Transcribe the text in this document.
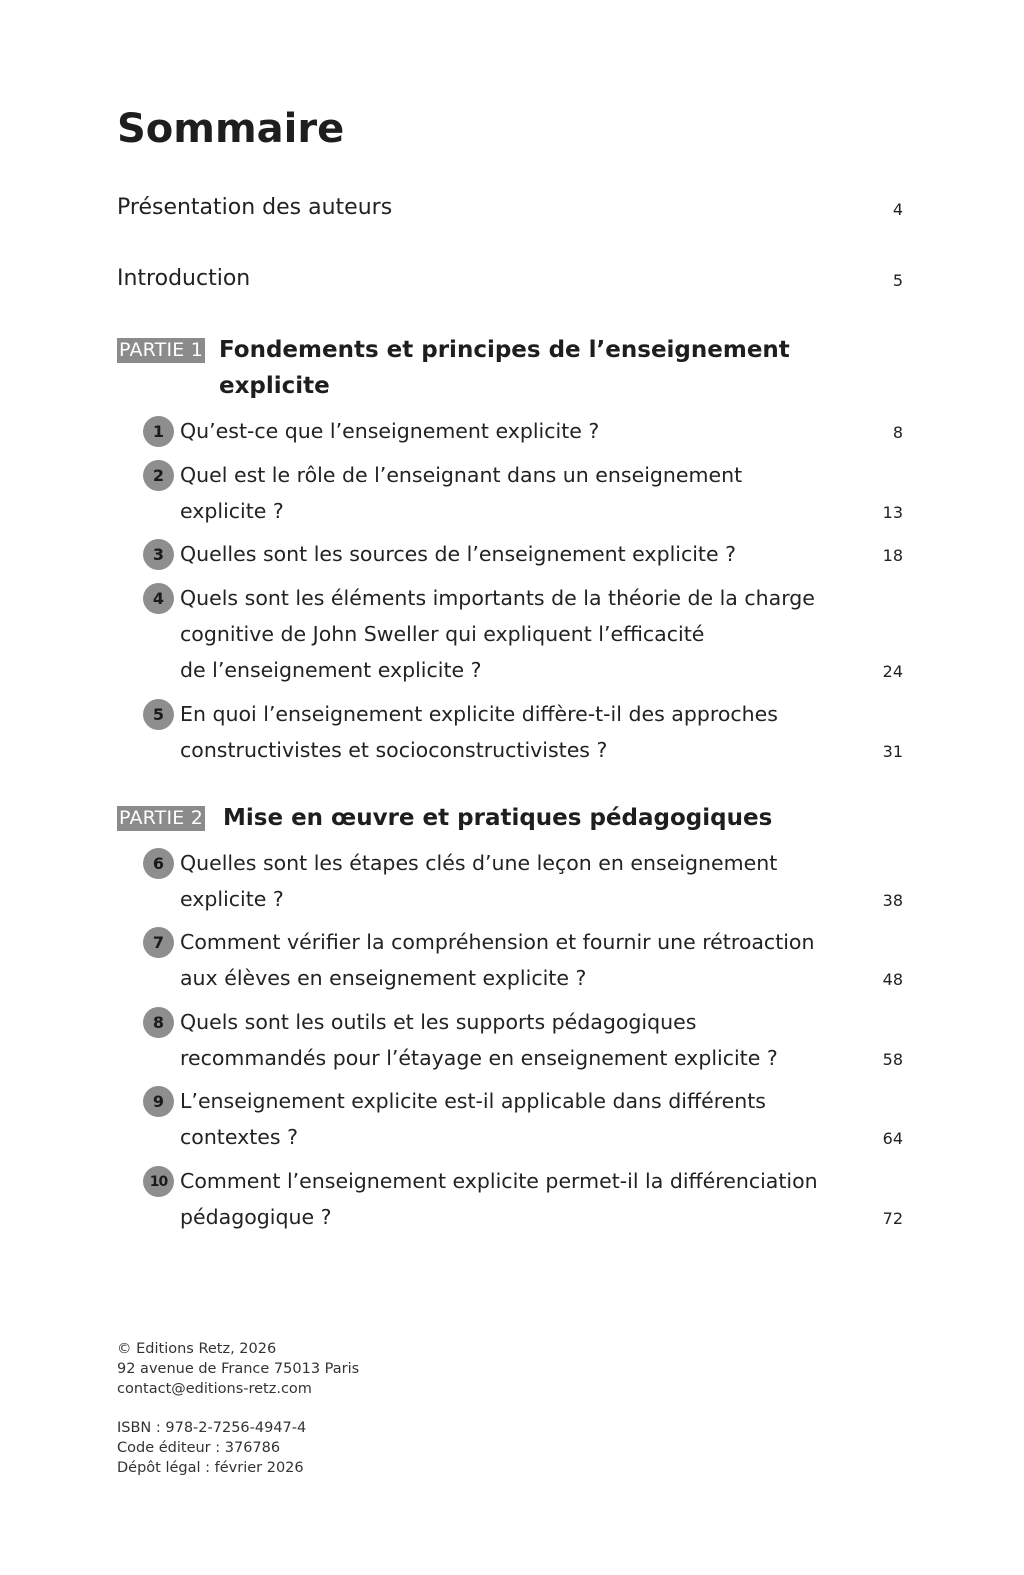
Sommaire
Présentation des auteurs	4
Introduction	5
PARTIE 1 Fondements et principes de l’enseignement
explicite
1 Qu’est-ce que l’enseignement explicite ?	8
2 Quel est le rôle de l’enseignant dans un enseignement
explicite ?	13
3 Quelles sont les sources de l’enseignement explicite ?	18
4 Quels sont les éléments importants de la théorie de la charge
cognitive de John Sweller qui expliquent l’efficacité
de l’enseignement explicite ?	24
5 En quoi l’enseignement explicite diffère-t-il des approches
constructivistes et socioconstructivistes ?	31
PARTIE 2 Mise en œuvre et pratiques pédagogiques
6 Quelles sont les étapes clés d’une leçon en enseignement
explicite ?	38
7 Comment vérifier la compréhension et fournir une rétroaction
aux élèves en enseignement explicite ?	48
8 Quels sont les outils et les supports pédagogiques
recommandés pour l’étayage en enseignement explicite ?	58
9 L’enseignement explicite est-il applicable dans différents
contextes ?	64
10 Comment l’enseignement explicite permet-il la différenciation
pédagogique ?	72
© Editions Retz, 2026
92 avenue de France 75013 Paris
contact@editions-retz.com
ISBN : 978-2-7256-4947-4
Code éditeur : 376786
Dépôt légal : février 2026
